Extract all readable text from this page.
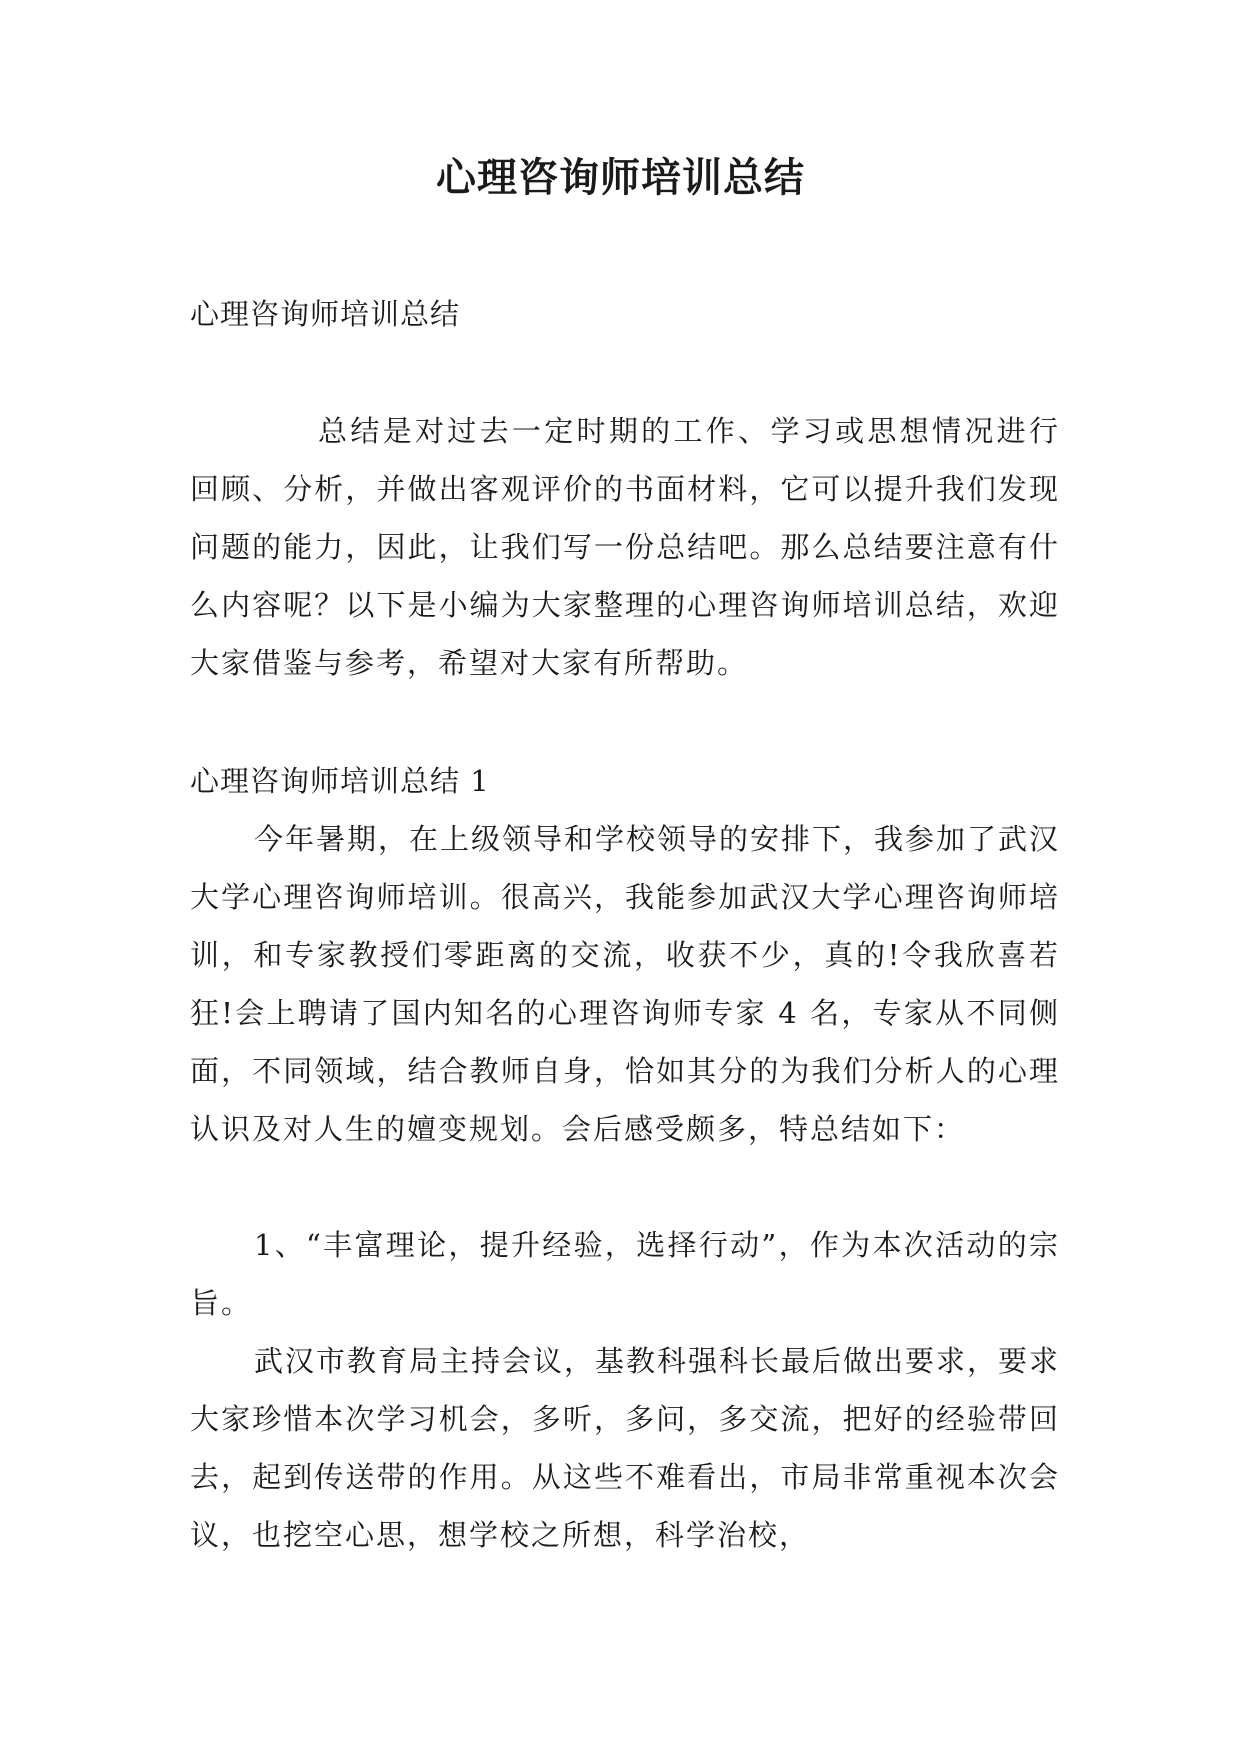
心理咨询师培训总结

心理咨询师培训总结

总结是对过去一定时期的工作、学习或思想情况进行回顾、分析，并做出客观评价的书面材料，它可以提升我们发现问题的能力，因此，让我们写一份总结吧。那么总结要注意有什么内容呢？以下是小编为大家整理的心理咨询师培训总结，欢迎大家借鉴与参考，希望对大家有所帮助。

心理咨询师培训总结 1

今年暑期，在上级领导和学校领导的安排下，我参加了武汉大学心理咨询师培训。很高兴，我能参加武汉大学心理咨询师培训，和专家教授们零距离的交流，收获不少，真的!令我欣喜若狂!会上聘请了国内知名的心理咨询师专家 4 名，专家从不同侧面，不同领域，结合教师自身，恰如其分的为我们分析人的心理认识及对人生的嬗变规划。会后感受颇多，特总结如下：

1、“丰富理论，提升经验，选择行动”，作为本次活动的宗旨。

武汉市教育局主持会议，基教科强科长最后做出要求，要求大家珍惜本次学习机会，多听，多问，多交流，把好的经验带回去，起到传送带的作用。从这些不难看出，市局非常重视本次会议，也挖空心思，想学校之所想，科学治校，
